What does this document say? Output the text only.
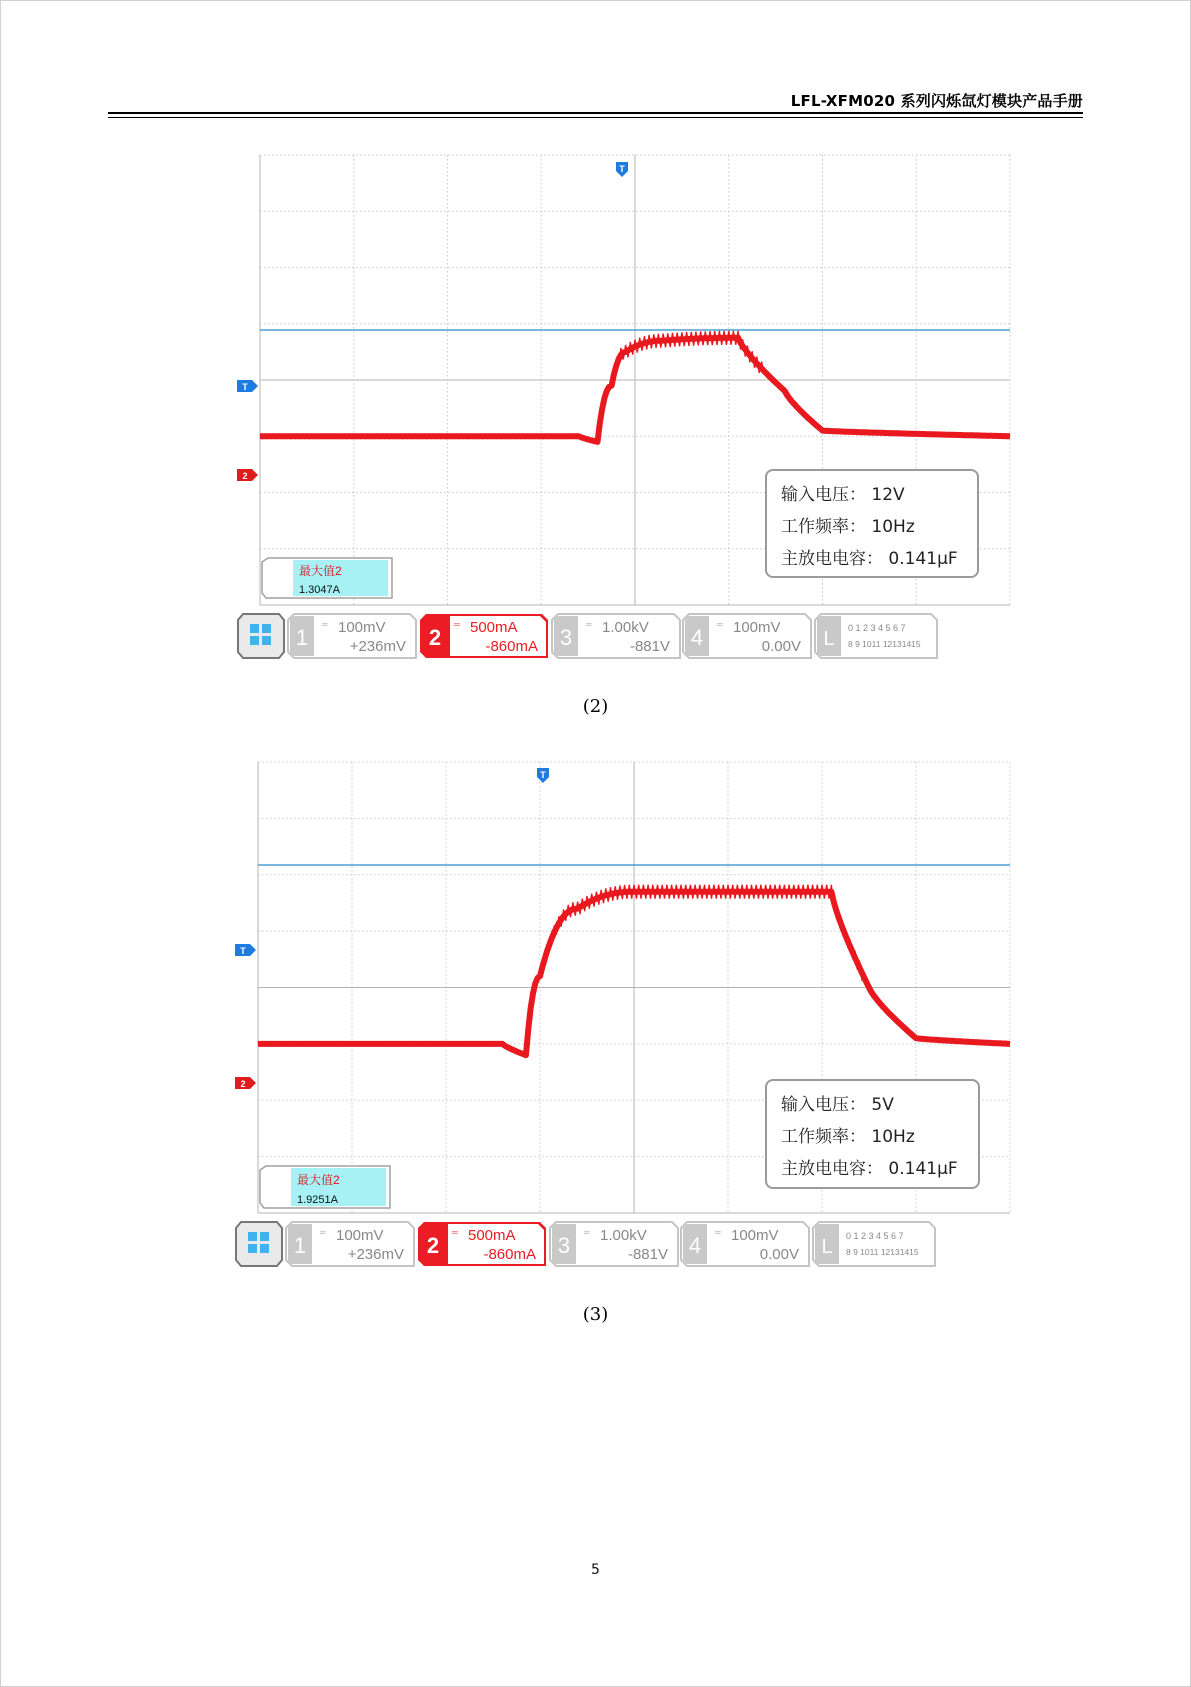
LFL-XFM020 系列闪烁氙灯模块产品手册
T
T
2
输入电压： 12V
工作频率： 10Hz
主放电电容： 0.141μF
最大值2
1.3047A
1
═ 100mV
+236mV 2
═ 500mA
-860mA 3
═ 1.00kV
-881V 4
═ 100mV
0.00V L 0 1 2 3 4 5 6 7
8 9 1011 12131415
(2)
T
T
2
输入电压： 5V
工作频率： 10Hz
主放电电容： 0.141μF
最大值2
1.9251A
1
═ 100mV
+236mV 2
═ 500mA
-860mA 3
═ 1.00kV
-881V 4
═ 100mV
0.00V L 0 1 2 3 4 5 6 7
8 9 1011 12131415
(3)
5
